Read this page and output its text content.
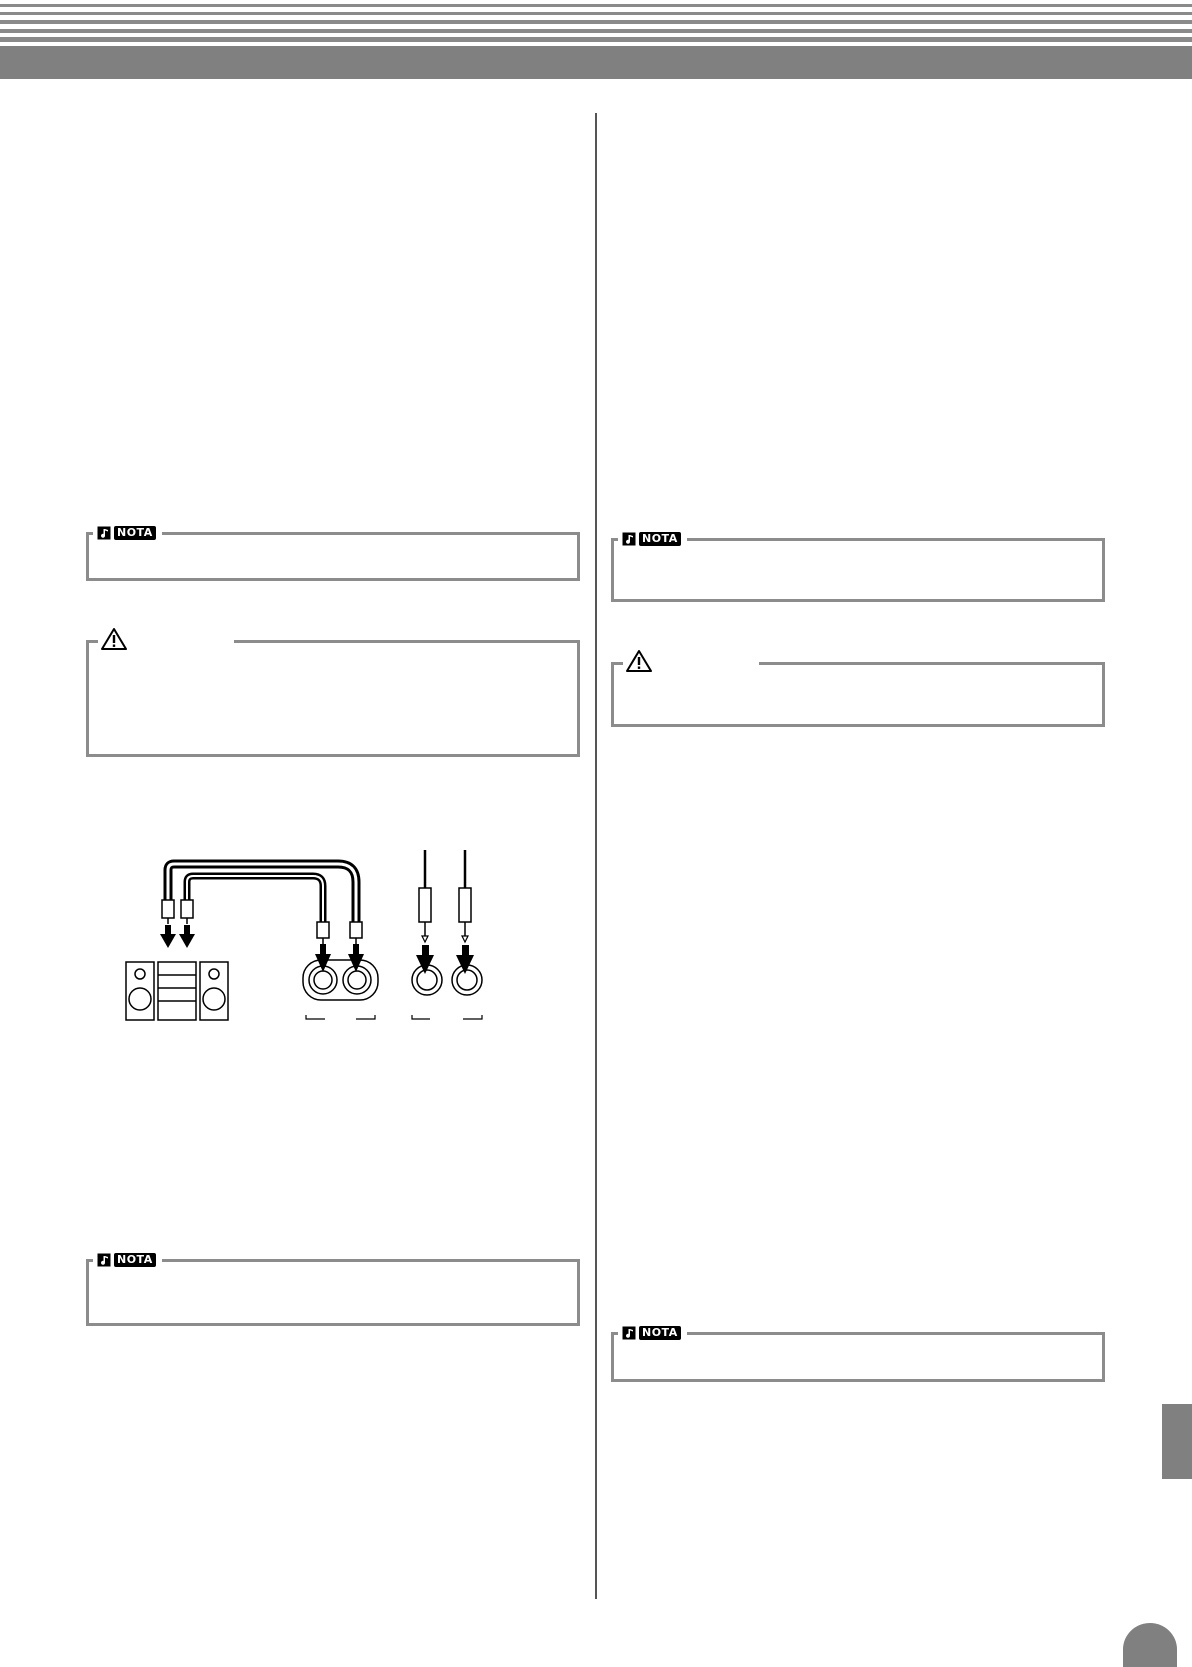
NOTA
NOTA
NOTA
NOTA
